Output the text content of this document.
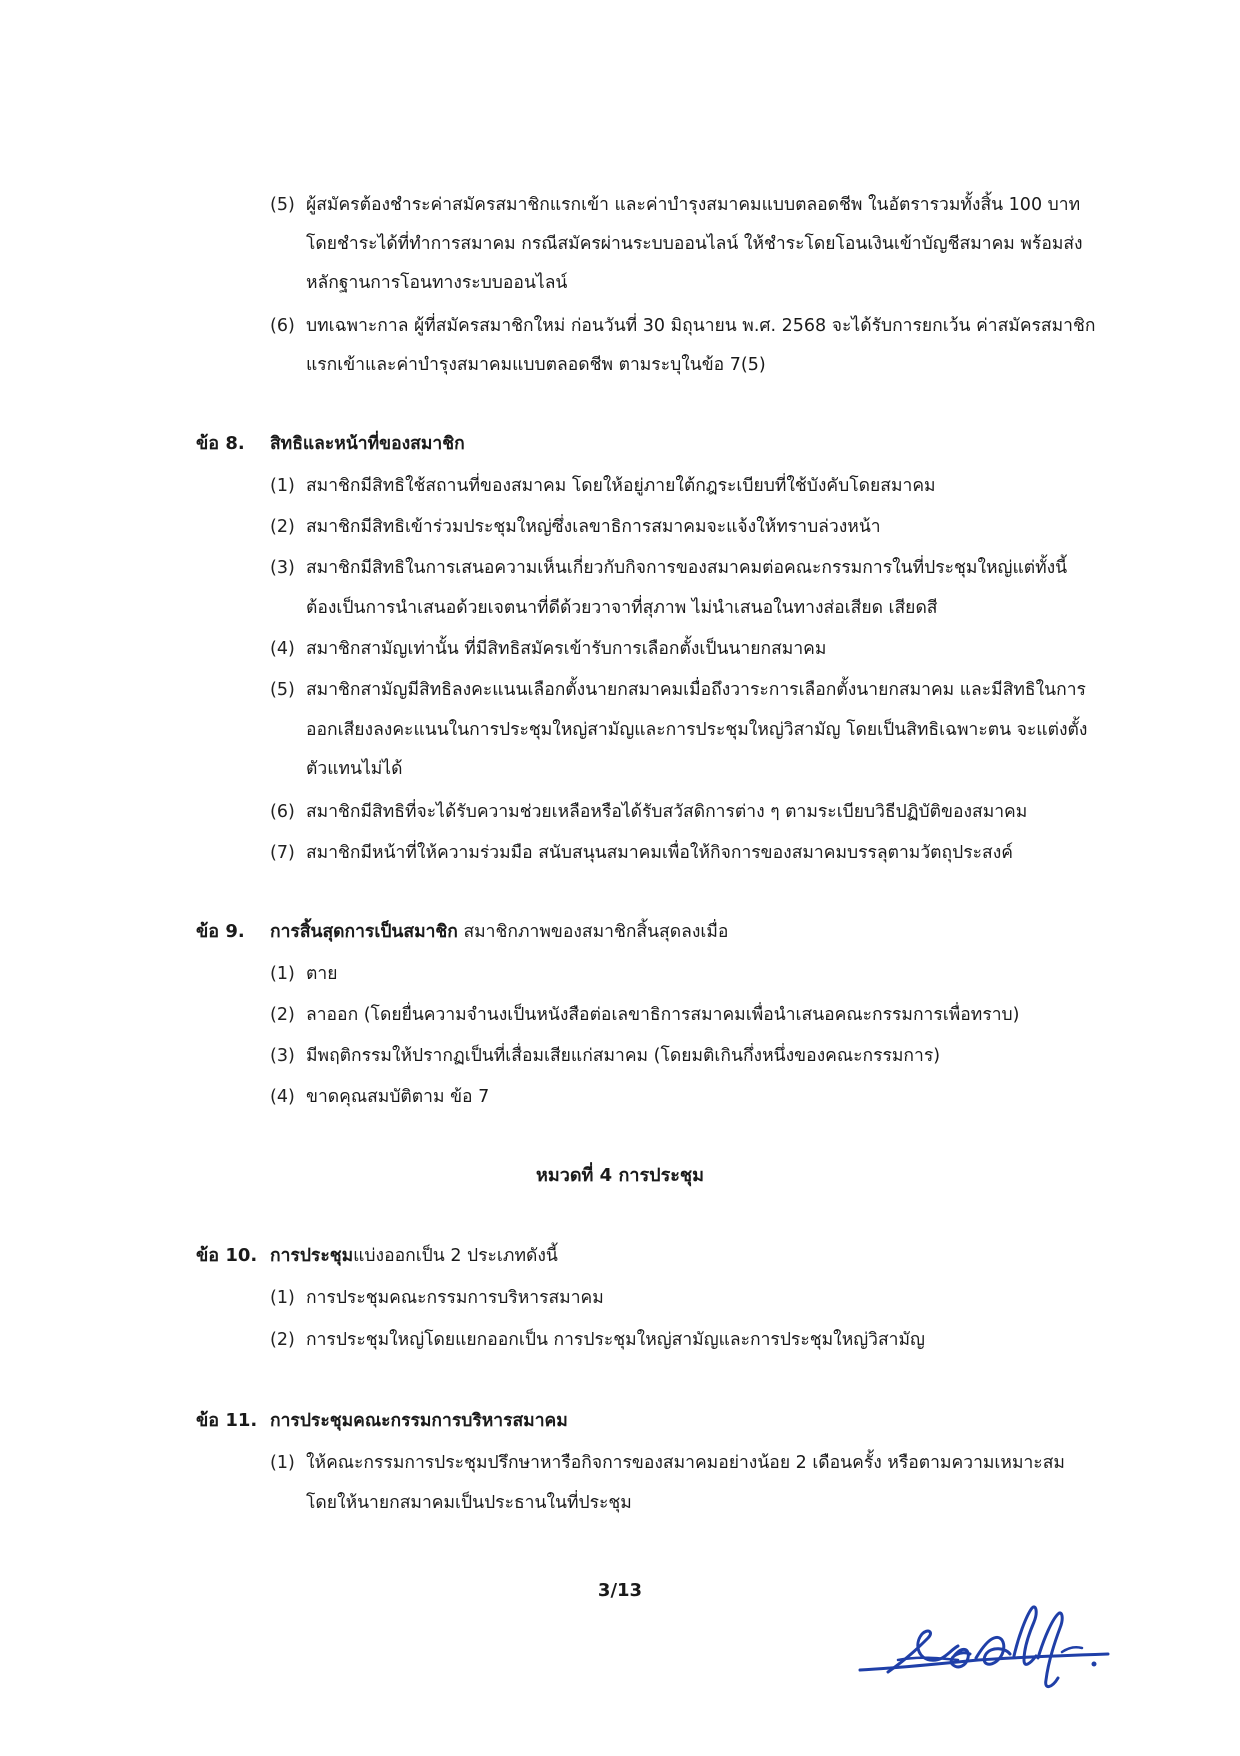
(5) ผู้สมัครต้องชำระค่าสมัครสมาชิกแรกเข้า และค่าบำรุงสมาคมแบบตลอดชีพ ในอัตรารวมทั้งสิ้น 100 บาท
โดยชำระได้ที่ทำการสมาคม กรณีสมัครผ่านระบบออนไลน์ ให้ชำระโดยโอนเงินเข้าบัญชีสมาคม พร้อมส่ง
หลักฐานการโอนทางระบบออนไลน์
(6) บทเฉพาะกาล ผู้ที่สมัครสมาชิกใหม่ ก่อนวันที่ 30 มิถุนายน พ.ศ. 2568 จะได้รับการยกเว้น ค่าสมัครสมาชิก
แรกเข้าและค่าบำรุงสมาคมแบบตลอดชีพ ตามระบุในข้อ 7(5)
ข้อ 8. สิทธิและหน้าที่ของสมาชิก
(1) สมาชิกมีสิทธิใช้สถานที่ของสมาคม โดยให้อยู่ภายใต้กฎระเบียบที่ใช้บังคับโดยสมาคม
(2) สมาชิกมีสิทธิเข้าร่วมประชุมใหญ่ซึ่งเลขาธิการสมาคมจะแจ้งให้ทราบล่วงหน้า
(3) สมาชิกมีสิทธิในการเสนอความเห็นเกี่ยวกับกิจการของสมาคมต่อคณะกรรมการในที่ประชุมใหญ่แต่ทั้งนี้
ต้องเป็นการนำเสนอด้วยเจตนาที่ดีด้วยวาจาที่สุภาพ ไม่นำเสนอในทางส่อเสียด เสียดสี
(4) สมาชิกสามัญเท่านั้น ที่มีสิทธิสมัครเข้ารับการเลือกตั้งเป็นนายกสมาคม
(5) สมาชิกสามัญมีสิทธิลงคะแนนเลือกตั้งนายกสมาคมเมื่อถึงวาระการเลือกตั้งนายกสมาคม และมีสิทธิในการ
ออกเสียงลงคะแนนในการประชุมใหญ่สามัญและการประชุมใหญ่วิสามัญ โดยเป็นสิทธิเฉพาะตน จะแต่งตั้ง
ตัวแทนไม่ได้
(6) สมาชิกมีสิทธิที่จะได้รับความช่วยเหลือหรือได้รับสวัสดิการต่าง ๆ ตามระเบียบวิธีปฏิบัติของสมาคม
(7) สมาชิกมีหน้าที่ให้ความร่วมมือ สนับสนุนสมาคมเพื่อให้กิจการของสมาคมบรรลุตามวัตถุประสงค์
ข้อ 9. การสิ้นสุดการเป็นสมาชิก สมาชิกภาพของสมาชิกสิ้นสุดลงเมื่อ
(1) ตาย
(2) ลาออก (โดยยื่นความจำนงเป็นหนังสือต่อเลขาธิการสมาคมเพื่อนำเสนอคณะกรรมการเพื่อทราบ)
(3) มีพฤติกรรมให้ปรากฏเป็นที่เสื่อมเสียแก่สมาคม (โดยมติเกินกึ่งหนึ่งของคณะกรรมการ)
(4) ขาดคุณสมบัติตาม ข้อ 7
หมวดที่ 4 การประชุม
ข้อ 10. การประชุมแบ่งออกเป็น 2 ประเภทดังนี้
(1) การประชุมคณะกรรมการบริหารสมาคม
(2) การประชุมใหญ่โดยแยกออกเป็น การประชุมใหญ่สามัญและการประชุมใหญ่วิสามัญ
ข้อ 11. การประชุมคณะกรรมการบริหารสมาคม
(1) ให้คณะกรรมการประชุมปรึกษาหารือกิจการของสมาคมอย่างน้อย 2 เดือนครั้ง หรือตามความเหมาะสม
โดยให้นายกสมาคมเป็นประธานในที่ประชุม
3/13
